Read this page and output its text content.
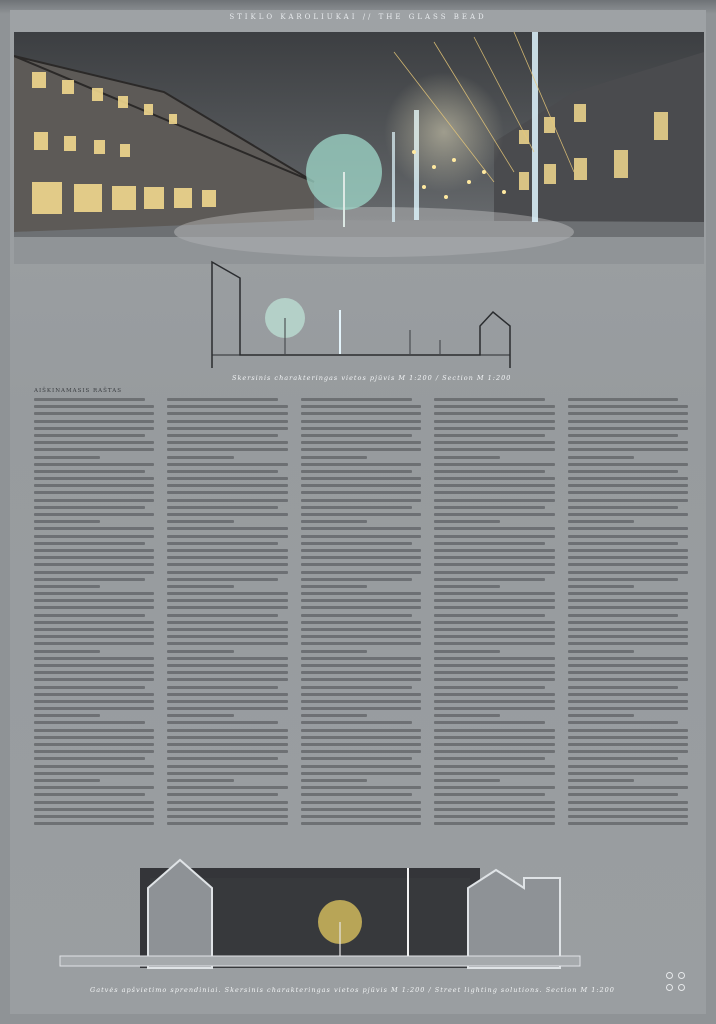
STIKLO KAROLIUKAI // THE GLASS BEAD
Skersinis charakteringas vietos pjūvis M 1:200 / Section M 1:200
AIŠKINAMASIS RAŠTAS
Gatvės apšvietimo sprendiniai. Skersinis charakteringas vietos pjūvis M 1:200 / Street lighting solutions. Section M 1:200
